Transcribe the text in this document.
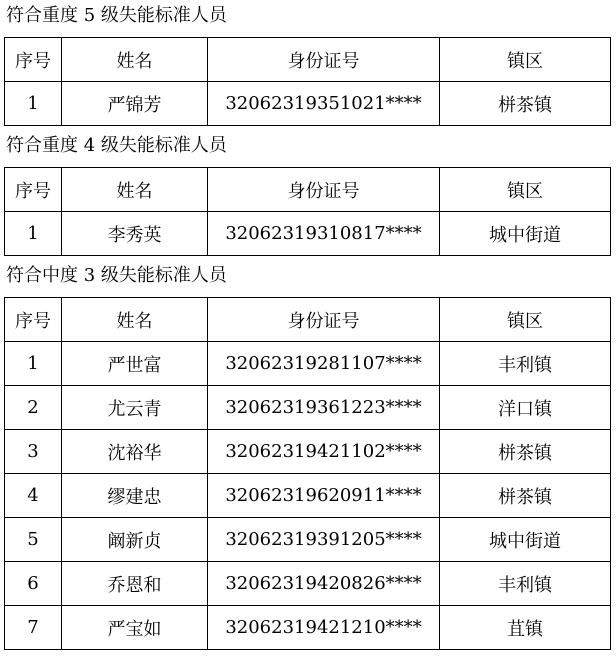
符合重度 5 级失能标准人员
序号	姓名	身份证号	镇区
1	严锦芳	32062319351021****	栟茶镇
符合重度 4 级失能标准人员
序号	姓名	身份证号	镇区
1	李秀英	32062319310817****	城中街道
符合中度 3 级失能标准人员
序号	姓名	身份证号	镇区
1	严世富	32062319281107****	丰利镇
2	尤云青	32062319361223****	洋口镇
3	沈裕华	32062319421102****	栟茶镇
4	缪建忠	32062319620911****	栟茶镇
5	阚新贞	32062319391205****	城中街道
6	乔恩和	32062319420826****	丰利镇
7	严宝如	32062319421210****	苴镇
